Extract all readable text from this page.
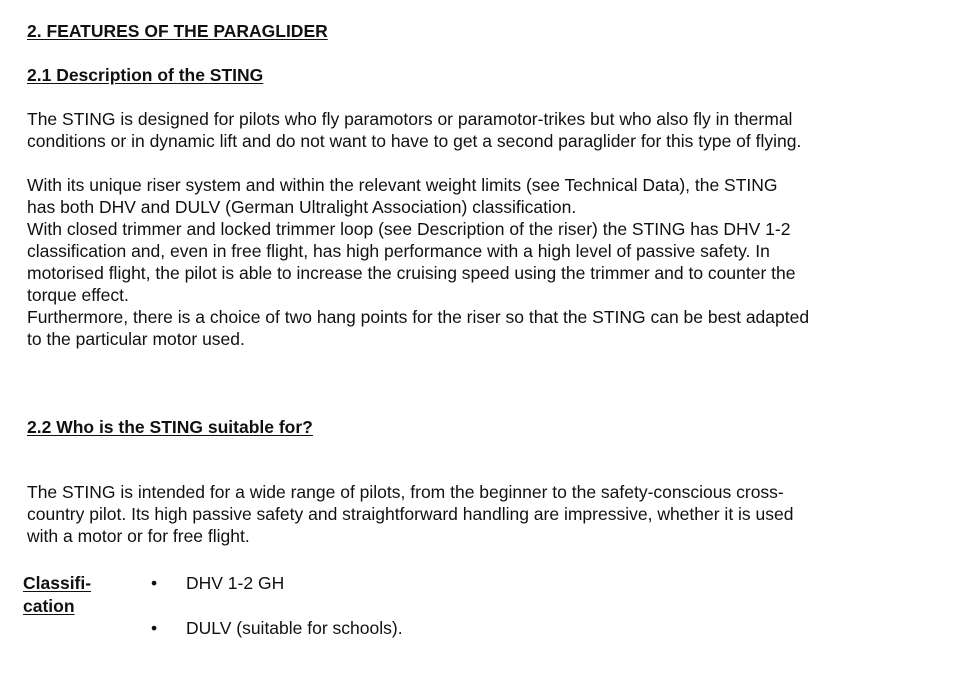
2. FEATURES OF THE PARAGLIDER
2.1 Description of the STING
The STING is designed for pilots who fly paramotors or paramotor-trikes but who also fly in thermal
conditions or in dynamic lift and do not want to have to get a second paraglider for this type of flying.
With its unique riser system and within the relevant weight limits (see Technical Data), the STING
has both DHV and DULV (German Ultralight Association) classification.
With closed trimmer and locked trimmer loop (see Description of the riser) the STING has DHV 1-2
classification and, even in free flight, has high performance with a high level of passive safety. In
motorised flight, the pilot is able to increase the cruising speed using the trimmer and to counter the
torque effect.
Furthermore, there is a choice of two hang points for the riser so that the STING can be best adapted
to the particular motor used.
2.2 Who is the STING suitable for?
The STING is intended for a wide range of pilots, from the beginner to the safety-conscious cross-
country pilot. Its high passive safety and straightforward handling are impressive, whether it is used
with a motor or for free flight.
Classifi-
cation
• DHV 1-2 GH
• DULV (suitable for schools).
